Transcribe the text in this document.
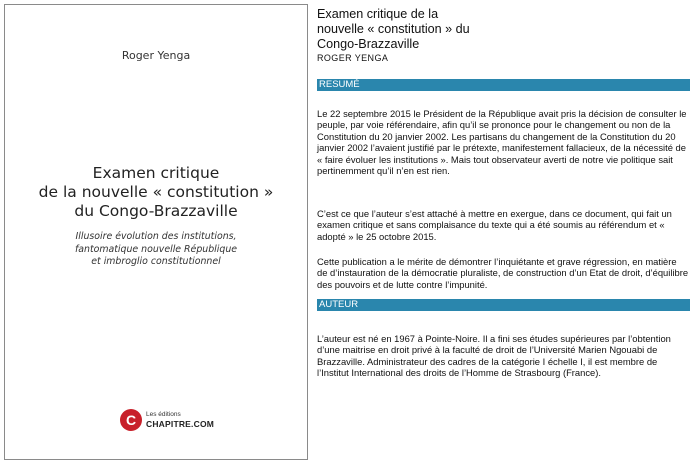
Roger Yenga
Examen critique
de la nouvelle « constitution »
du Congo-Brazzaville
Illusoire évolution des institutions,
fantomatique nouvelle République
et imbroglio constitutionnel
C	Les éditions
CHAPITRE.COM
Examen critique de la
nouvelle « constitution » du
Congo-Brazzaville
ROGER YENGA
RESUMÉ
Le 22 septembre 2015 le Président de la République avait pris la décision de consulter le peuple, par voie référendaire, afin qu’il se prononce pour le changement ou non de la Constitution du 20 janvier 2002. Les partisans du changement de la Constitution du 20 janvier 2002 l’avaient justifié par le prétexte, manifestement fallacieux, de la nécessité de « faire évoluer les institutions ». Mais tout observateur averti de notre vie politique sait pertinemment qu’il n’en est rien.
C’est ce que l’auteur s’est attaché à mettre en exergue, dans ce document, qui fait un examen critique et sans complaisance du texte qui a été soumis au référendum et « adopté » le 25 octobre 2015.
Cette publication a le mérite de démontrer l’inquiétante et grave régression, en matière de d’instauration de la démocratie pluraliste, de construction d’un Etat de droit, d’équilibre des pouvoirs et de lutte contre l’impunité.
AUTEUR
L’auteur est né en 1967 à Pointe-Noire. Il a fini ses études supérieures par l’obtention d’une maitrise en droit privé à la faculté de droit de l’Université Marien Ngouabi de Brazzaville. Administrateur des cadres de la catégorie I échelle I, il est membre de l’Institut International des droits de l’Homme de Strasbourg (France).
